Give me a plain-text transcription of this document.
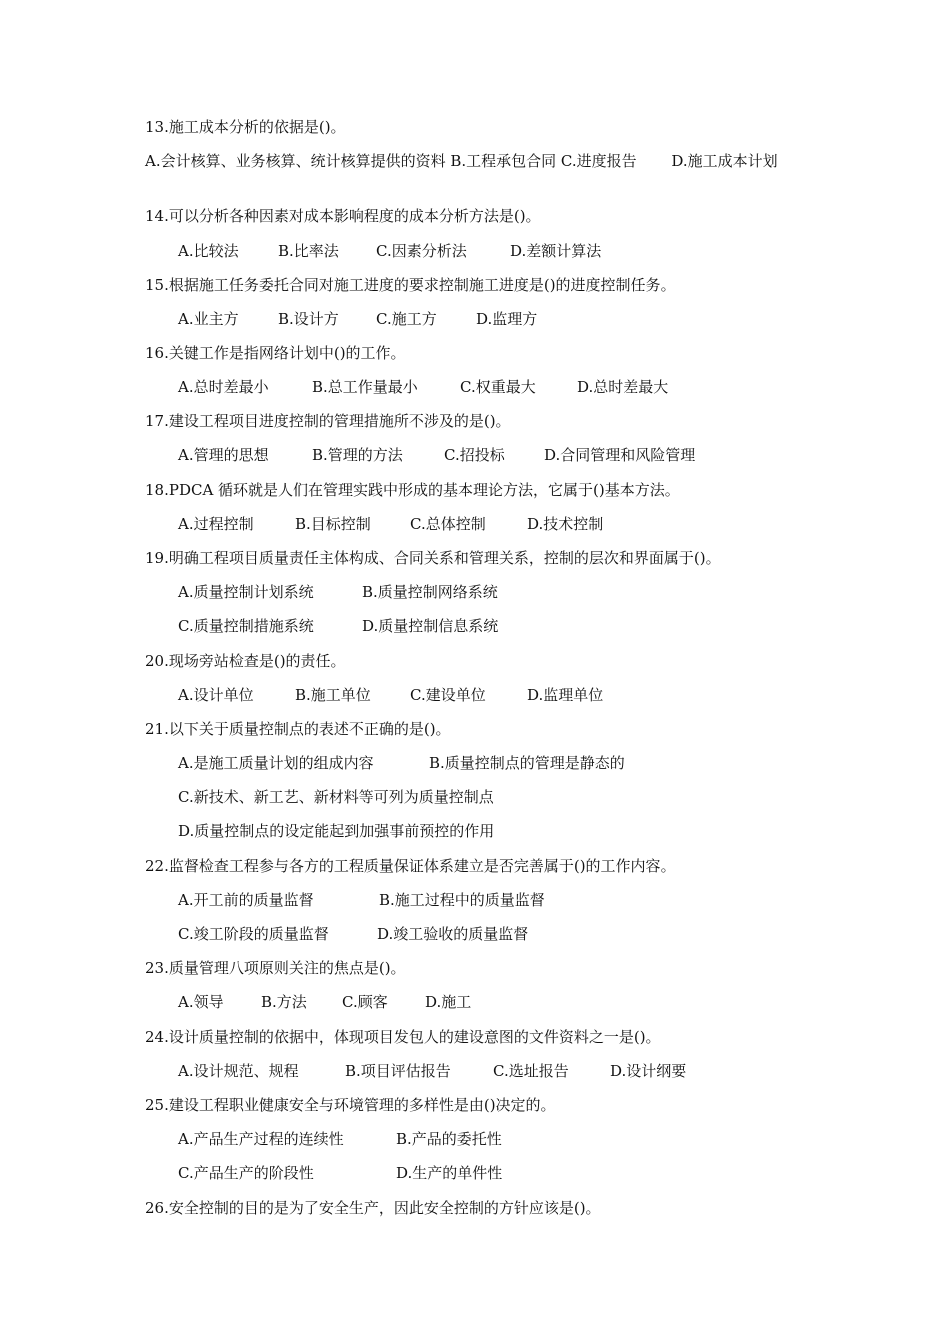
13.施工成本分析的依据是()。
A.会计核算、业务核算、统计核算提供的资料 B.工程承包合同 C.进度报告 　　D.施工成本计划
14.可以分析各种因素对成本影响程度的成本分析方法是()。
A.比较法	B.比率法 C.因素分析法	D.差额计算法
15.根据施工任务委托合同对施工进度的要求控制施工进度是()的进度控制任务。
A.业主方	B.设计方 C.施工方	D.监理方
16.关键工作是指网络计划中()的工作。
A.总时差最小	B.总工作量最小	C.权重最大	D.总时差最大
17.建设工程项目进度控制的管理措施所不涉及的是()。
A.管理的思想	B.管理的方法	C.招投标	D.合同管理和风险管理
18.PDCA 循环就是人们在管理实践中形成的基本理论方法，它属于()基本方法。
A.过程控制	B.目标控制	C.总体控制	D.技术控制
19.明确工程项目质量责任主体构成、合同关系和管理关系，控制的层次和界面属于()。
A.质量控制计划系统	B.质量控制网络系统
C.质量控制措施系统	D.质量控制信息系统
20.现场旁站检查是()的责任。
A.设计单位	B.施工单位	C.建设单位	D.监理单位
21.以下关于质量控制点的表述不正确的是()。
A.是施工质量计划的组成内容	B.质量控制点的管理是静态的
C.新技术、新工艺、新材料等可列为质量控制点
D.质量控制点的设定能起到加强事前预控的作用
22.监督检查工程参与各方的工程质量保证体系建立是否完善属于()的工作内容。
A.开工前的质量监督	B.施工过程中的质量监督
C.竣工阶段的质量监督	D.竣工验收的质量监督
23.质量管理八项原则关注的焦点是()。
A.领导 B.方法 C.顾客 D.施工
24.设计质量控制的依据中，体现项目发包人的建设意图的文件资料之一是()。
A.设计规范、规程	B.项目评估报告	C.选址报告	D.设计纲要
25.建设工程职业健康安全与环境管理的多样性是由()决定的。
A.产品生产过程的连续性	B.产品的委托性
C.产品生产的阶段性	D.生产的单件性
26.安全控制的目的是为了安全生产，因此安全控制的方针应该是()。
